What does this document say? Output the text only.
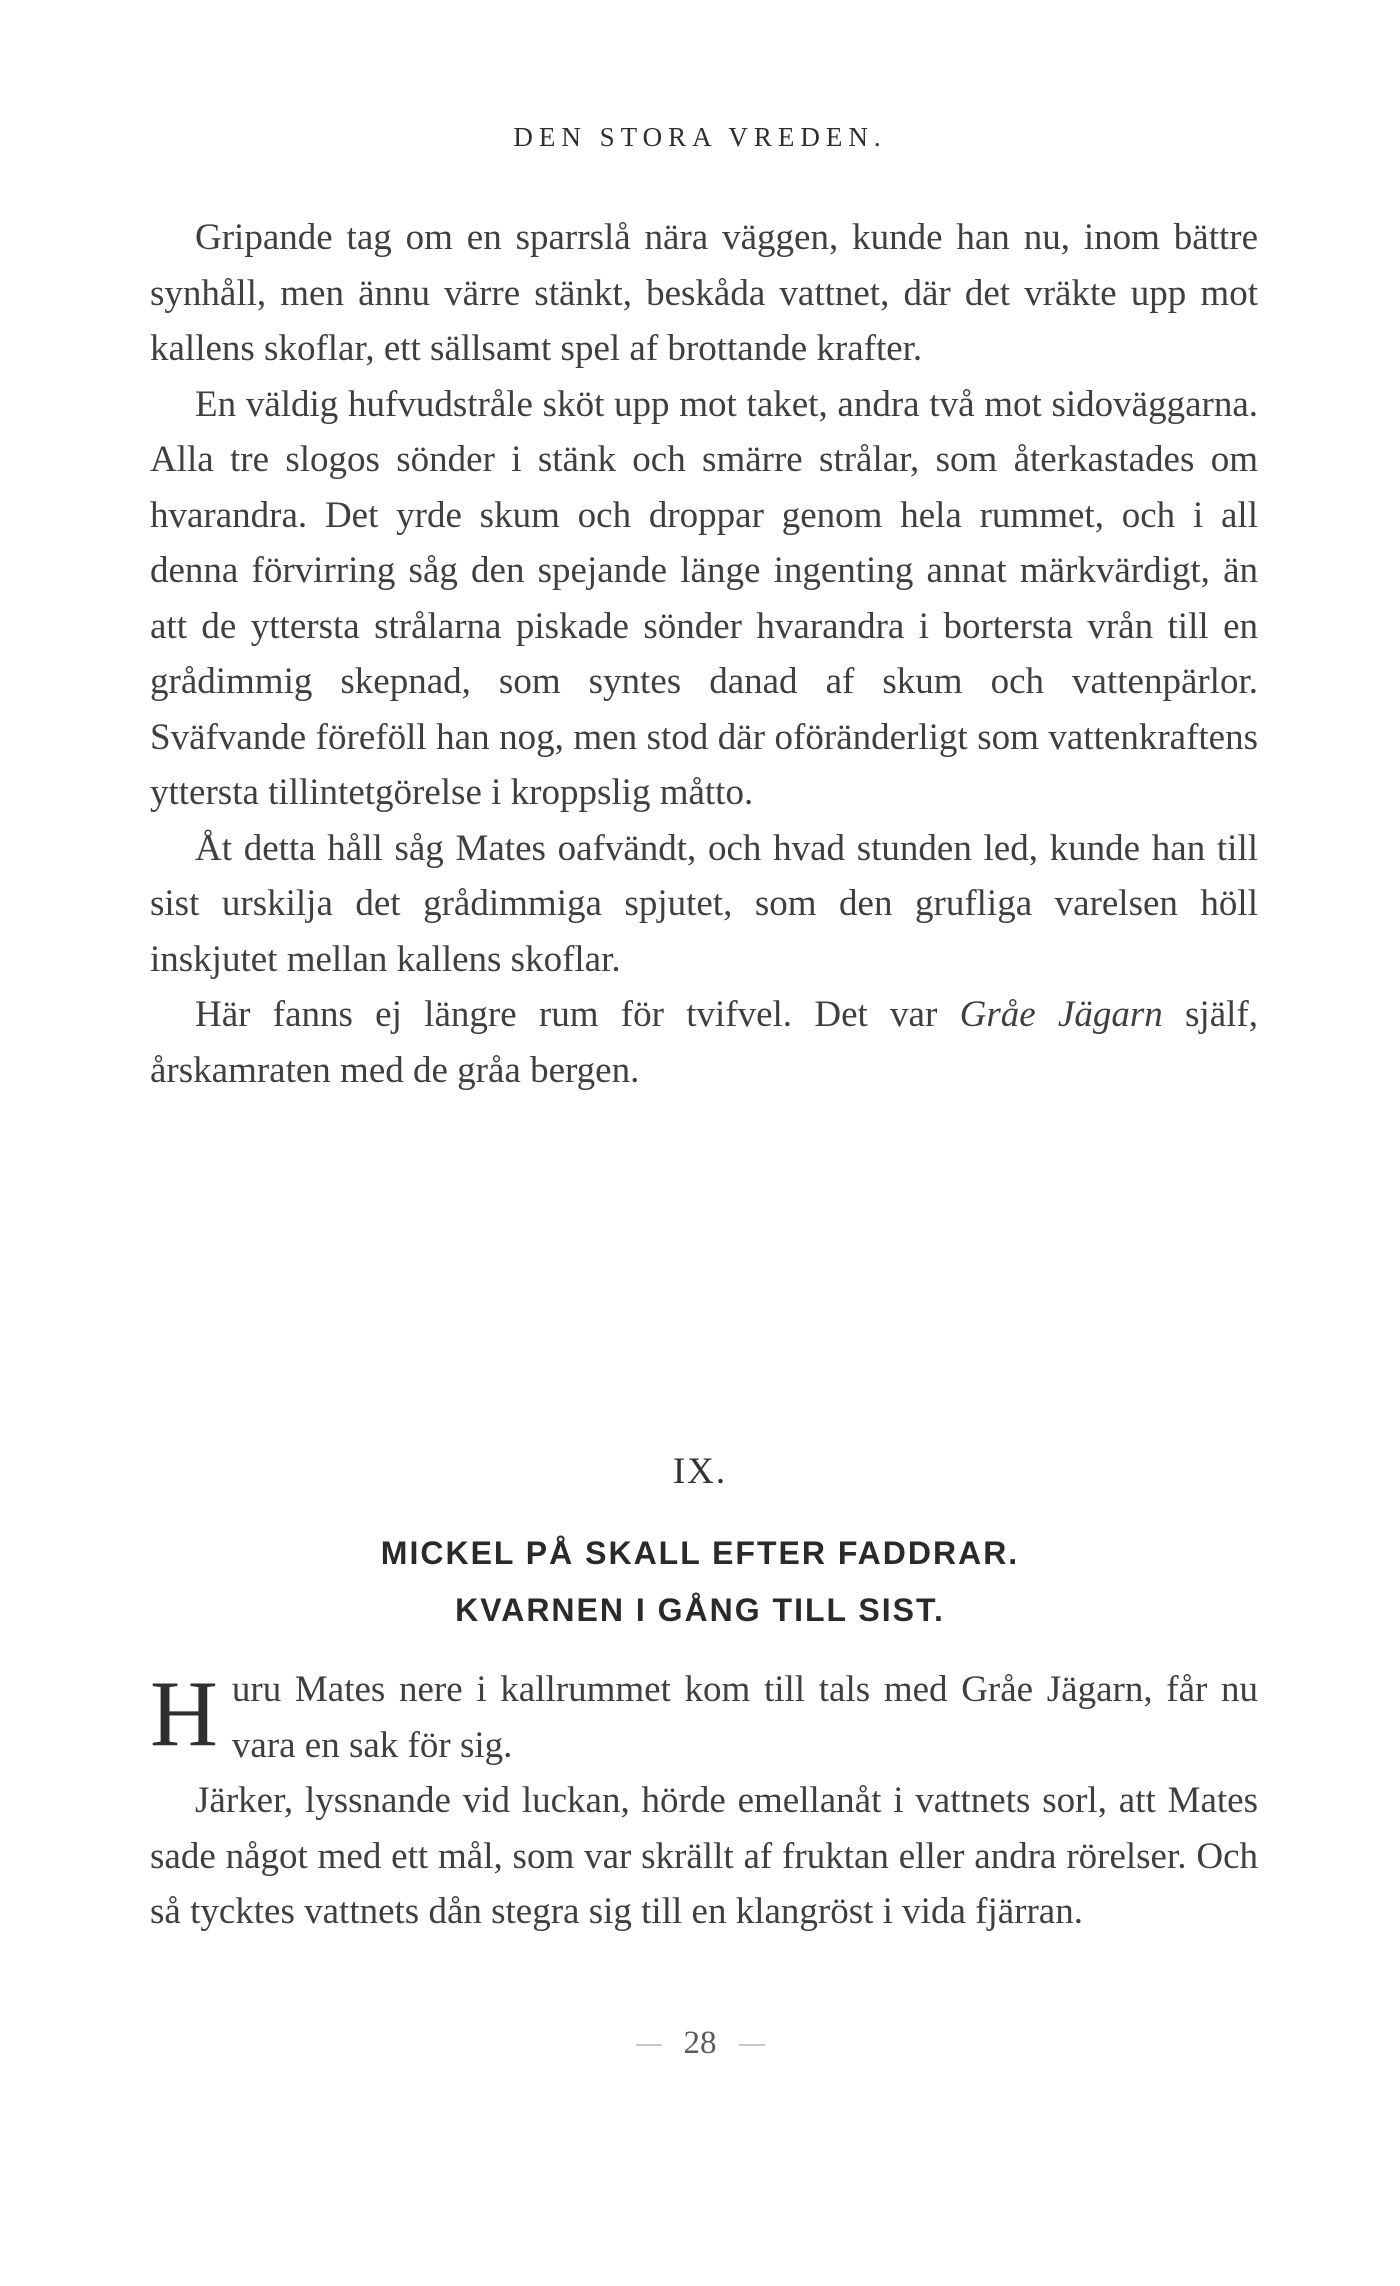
DEN STORA VREDEN.

Gripande tag om en sparrslå nära väggen, kunde han nu, inom bättre synhåll, men ännu värre stänkt, beskåda vattnet, där det vräkte upp mot kallens skoflar, ett sällsamt spel af brottande krafter.

En väldig hufvudstråle sköt upp mot taket, andra två mot sidoväggarna. Alla tre slogos sönder i stänk och smärre strålar, som återkastades om hvarandra. Det yrde skum och droppar genom hela rummet, och i all denna förvirring såg den spejande länge ingenting annat märkvärdigt, än att de yttersta strålarna piskade sönder hvarandra i bortersta vrån till en grådimmig skepnad, som syntes danad af skum och vattenpärlor. Sväfvande föreföll han nog, men stod där oföränderligt som vattenkraftens yttersta tillintetgörelse i kroppslig måtto.

Åt detta håll såg Mates oafvändt, och hvad stunden led, kunde han till sist urskilja det grådimmiga spjutet, som den grufliga varelsen höll inskjutet mellan kallens skoflar.

Här fanns ej längre rum för tvifvel. Det var Gråe Jägarn själf, årskamraten med de gråa bergen.

IX.
MICKEL PÅ SKALL EFTER FADDRAR.
KVARNEN I GÅNG TILL SIST.

Huru Mates nere i kallrummet kom till tals med Gråe Jägarn, får nu vara en sak för sig.

Järker, lyssnande vid luckan, hörde emellanåt i vattnets sorl, att Mates sade något med ett mål, som var skrällt af fruktan eller andra rörelser. Och så tycktes vattnets dån stegra sig till en klangröst i vida fjärran.

28
